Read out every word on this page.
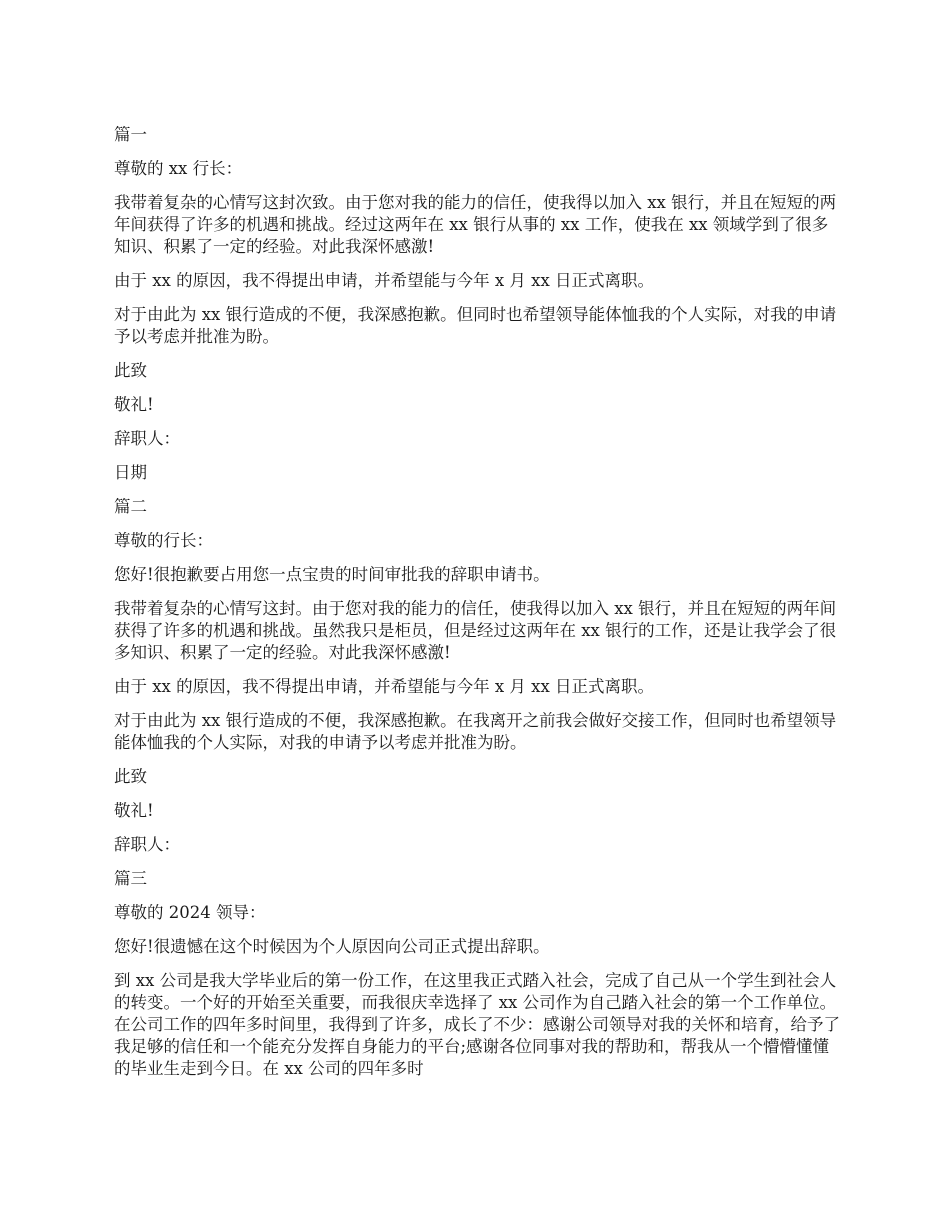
篇一

尊敬的 xx 行长：

我带着复杂的心情写这封次致。由于您对我的能力的信任，使我得以加入 xx 银行，并且在短短的两年间获得了许多的机遇和挑战。经过这两年在 xx 银行从事的 xx 工作，使我在 xx 领域学到了很多知识、积累了一定的经验。对此我深怀感激!

由于 xx 的原因，我不得提出申请，并希望能与今年 x 月 xx 日正式离职。

对于由此为 xx 银行造成的不便，我深感抱歉。但同时也希望领导能体恤我的个人实际，对我的申请予以考虑并批准为盼。

此致

敬礼!

辞职人：

日期

篇二

尊敬的行长：

您好!很抱歉要占用您一点宝贵的时间审批我的辞职申请书。

我带着复杂的心情写这封。由于您对我的能力的信任，使我得以加入 xx 银行，并且在短短的两年间获得了许多的机遇和挑战。虽然我只是柜员，但是经过这两年在 xx 银行的工作，还是让我学会了很多知识、积累了一定的经验。对此我深怀感激!

由于 xx 的原因，我不得提出申请，并希望能与今年 x 月 xx 日正式离职。

对于由此为 xx 银行造成的不便，我深感抱歉。在我离开之前我会做好交接工作，但同时也希望领导能体恤我的个人实际，对我的申请予以考虑并批准为盼。

此致

敬礼!

辞职人：

篇三

尊敬的 2024 领导：

您好!很遗憾在这个时候因为个人原因向公司正式提出辞职。

到 xx 公司是我大学毕业后的第一份工作，在这里我正式踏入社会，完成了自己从一个学生到社会人的转变。一个好的开始至关重要，而我很庆幸选择了 xx 公司作为自己踏入社会的第一个工作单位。在公司工作的四年多时间里，我得到了许多，成长了不少：感谢公司领导对我的关怀和培育，给予了我足够的信任和一个能充分发挥自身能力的平台;感谢各位同事对我的帮助和，帮我从一个懵懵懂懂的毕业生走到今日。在 xx 公司的四年多时
